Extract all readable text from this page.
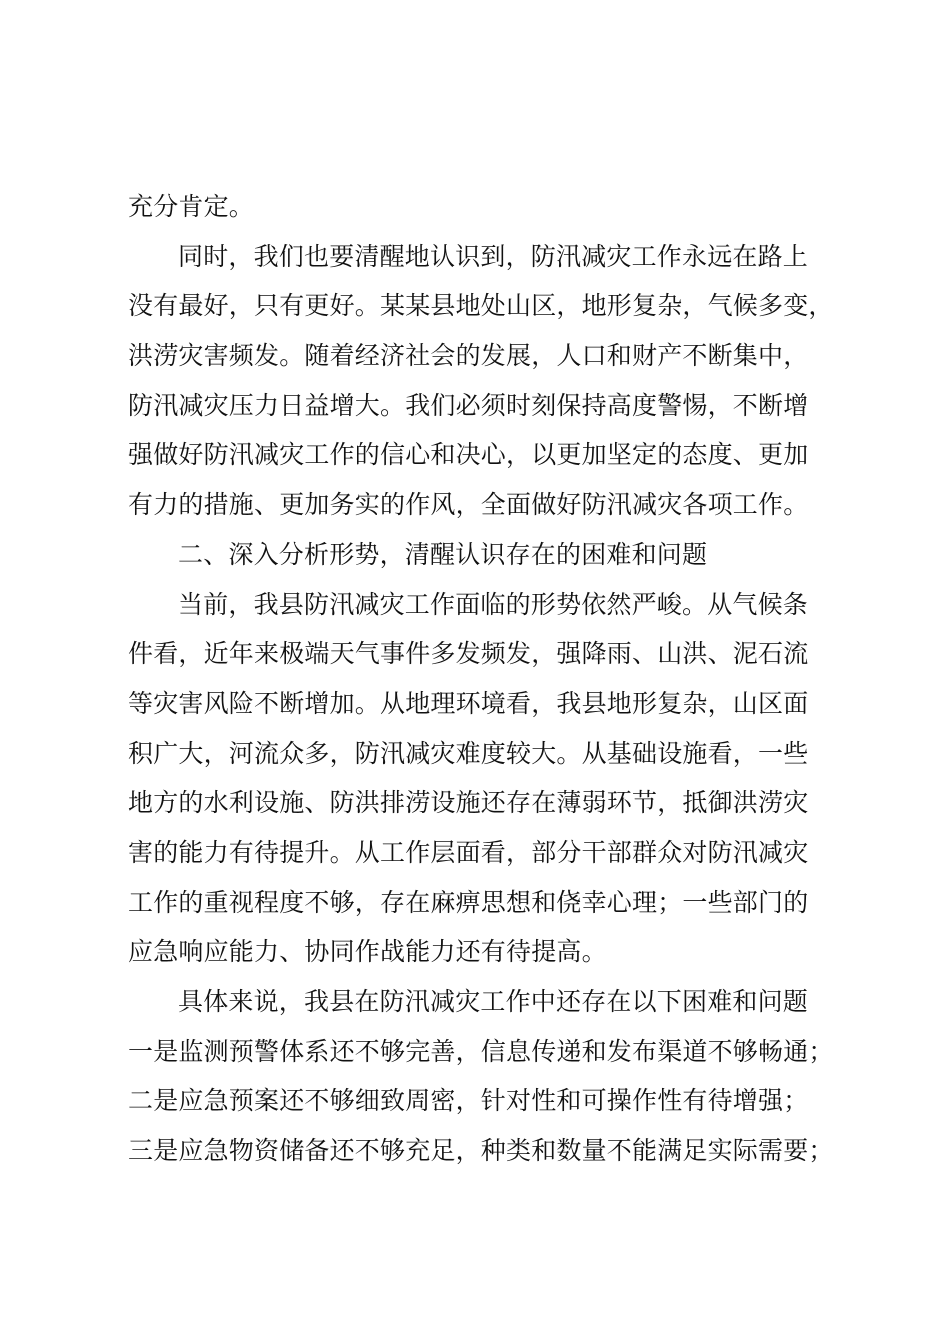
充分肯定。
同时，我们也要清醒地认识到，防汛减灾工作永远在路上
没有最好，只有更好。某某县地处山区，地形复杂，气候多变，
洪涝灾害频发。随着经济社会的发展，人口和财产不断集中，
防汛减灾压力日益增大。我们必须时刻保持高度警惕，不断增
强做好防汛减灾工作的信心和决心，以更加坚定的态度、更加
有力的措施、更加务实的作风，全面做好防汛减灾各项工作。
二、深入分析形势，清醒认识存在的困难和问题
当前，我县防汛减灾工作面临的形势依然严峻。从气候条
件看，近年来极端天气事件多发频发，强降雨、山洪、泥石流
等灾害风险不断增加。从地理环境看，我县地形复杂，山区面
积广大，河流众多，防汛减灾难度较大。从基础设施看，一些
地方的水利设施、防洪排涝设施还存在薄弱环节，抵御洪涝灾
害的能力有待提升。从工作层面看，部分干部群众对防汛减灾
工作的重视程度不够，存在麻痹思想和侥幸心理；一些部门的
应急响应能力、协同作战能力还有待提高。
具体来说，我县在防汛减灾工作中还存在以下困难和问题
一是监测预警体系还不够完善，信息传递和发布渠道不够畅通；
二是应急预案还不够细致周密，针对性和可操作性有待增强；
三是应急物资储备还不够充足，种类和数量不能满足实际需要；
